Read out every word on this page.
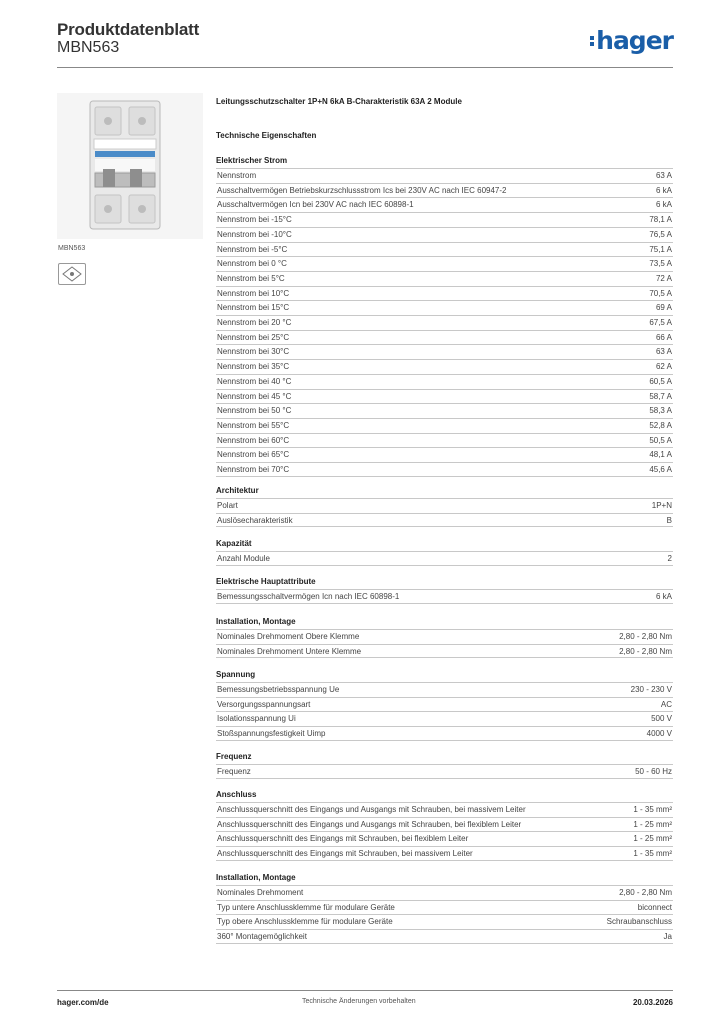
Produktdatenblatt
MBN563	hager
MBN563
Leitungsschutzschalter 1P+N 6kA B-Charakteristik 63A 2 Module
Technische Eigenschaften
Elektrischer Strom
Nennstrom	63 A
Ausschaltvermögen Betriebskurzschlussstrom Ics bei 230V AC nach IEC 60947-2	6 kA
Ausschaltvermögen Icn bei 230V AC nach IEC 60898-1	6 kA
Nennstrom bei -15°C	78,1 A
Nennstrom bei -10°C	76,5 A
Nennstrom bei -5°C	75,1 A
Nennstrom bei 0 °C	73,5 A
Nennstrom bei 5°C	72 A
Nennstrom bei 10°C	70,5 A
Nennstrom bei 15°C	69 A
Nennstrom bei 20 °C	67,5 A
Nennstrom bei 25°C	66 A
Nennstrom bei 30°C	63 A
Nennstrom bei 35°C	62 A
Nennstrom bei 40 °C	60,5 A
Nennstrom bei 45 °C	58,7 A
Nennstrom bei 50 °C	58,3 A
Nennstrom bei 55°C	52,8 A
Nennstrom bei 60°C	50,5 A
Nennstrom bei 65°C	48,1 A
Nennstrom bei 70°C	45,6 A
Architektur
Polart	1P+N
Auslösecharakteristik	B
Kapazität
Anzahl Module	2
Elektrische Hauptattribute
Bemessungsschaltvermögen Icn nach IEC 60898-1	6 kA
Installation, Montage
Nominales Drehmoment Obere Klemme	2,80 - 2,80 Nm
Nominales Drehmoment Untere Klemme	2,80 - 2,80 Nm
Spannung
Bemessungsbetriebsspannung Ue	230 - 230 V
Versorgungsspannungsart	AC
Isolationsspannung Ui	500 V
Stoßspannungsfestigkeit Uimp	4000 V
Frequenz
Frequenz	50 - 60 Hz
Anschluss
Anschlussquerschnitt des Eingangs und Ausgangs mit Schrauben, bei massivem Leiter	1 - 35 mm²
Anschlussquerschnitt des Eingangs und Ausgangs mit Schrauben, bei flexiblem Leiter	1 - 25 mm²
Anschlussquerschnitt des Eingangs mit Schrauben, bei flexiblem Leiter	1 - 25 mm²
Anschlussquerschnitt des Eingangs mit Schrauben, bei massivem Leiter	1 - 35 mm²
Installation, Montage
Nominales Drehmoment	2,80 - 2,80 Nm
Typ untere Anschlussklemme für modulare Geräte	biconnect
Typ obere Anschlussklemme für modulare Geräte	Schraubanschluss
360° Montagemöglichkeit	Ja
hager.com/de	Technische Änderungen vorbehalten	20.03.2026
